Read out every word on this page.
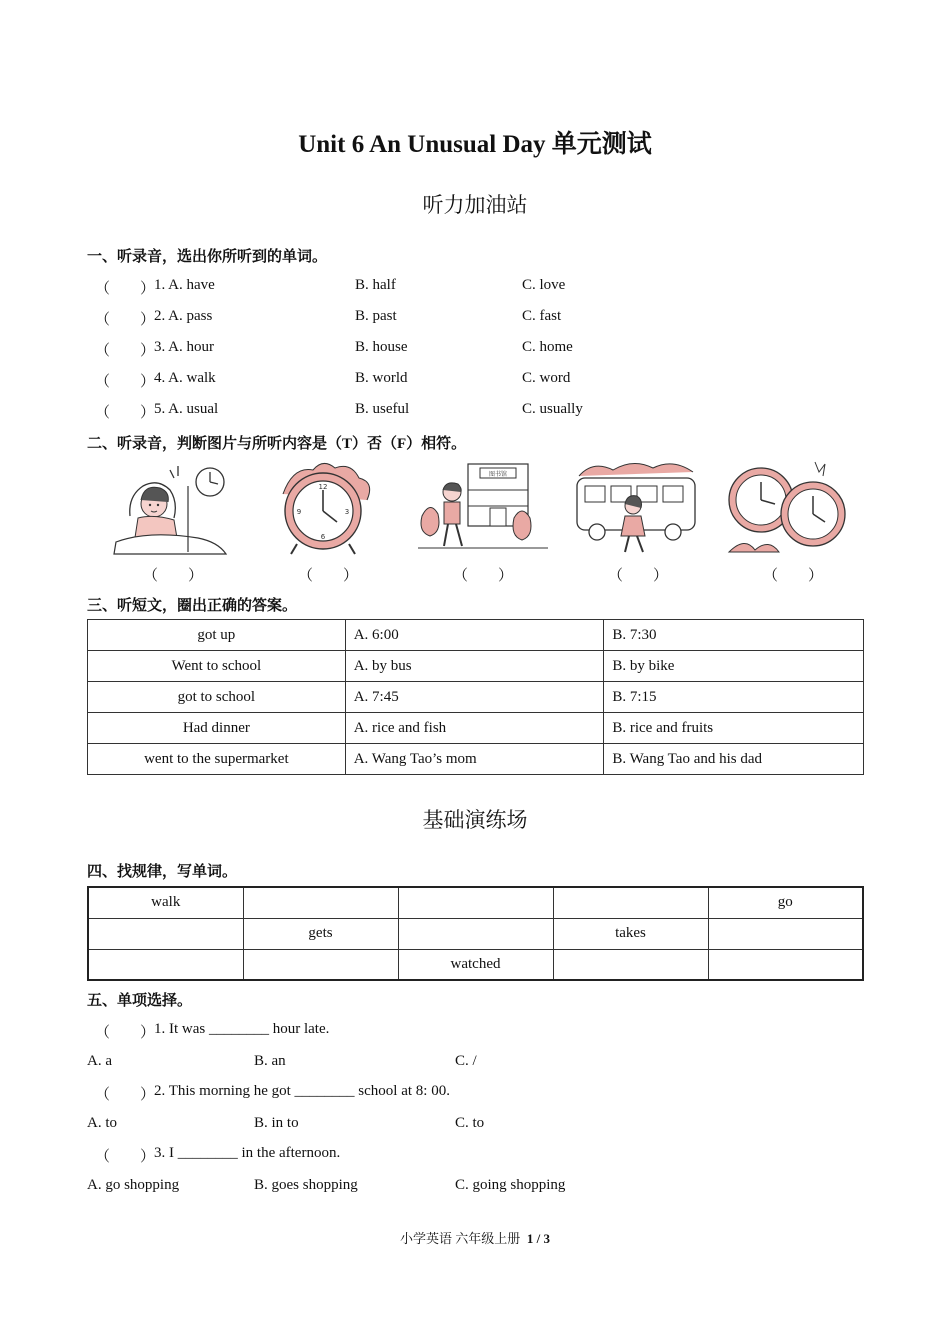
Unit 6 An Unusual Day 单元测试
听力加油站
一、听录音，选出你所听到的单词。
（　　）
1. A. have	B. half	C. love
（　　）
2. A. pass	B. past	C. fast
（　　）
3. A. hour	B. house	C. home
（　　）
4. A. walk	B. world	C. word
（　　）
5. A. usual	B. useful	C. usually
二、听录音，判断图片与所听内容是（T）否（F）相符。
12
3
6
9
图书馆
（　　）	（　　）	（　　）	（　　）	（　　）
三、听短文，圈出正确的答案。
got up	A. 6:00	B. 7:30
Went to school	A. by bus	B. by bike
got to school	A. 7:45	B. 7:15
Had dinner	A. rice and fish	B. rice and fruits
went to the supermarket	A. Wang Tao’s mom	B. Wang Tao and his dad
基础演练场
四、找规律，写单词。
walk				go
	gets		takes	
		watched		
五、单项选择。
（　　）
1. It was ________ hour late.
A. a	B. an	C. /
（　　）
2. This morning he got ________ school at 8: 00.
A. to	B. in to	C. to
（　　）
3. I ________ in the afternoon.
A. go shopping	B. goes shopping	C. going shopping
小学英语 六年级上册 1 / 3
